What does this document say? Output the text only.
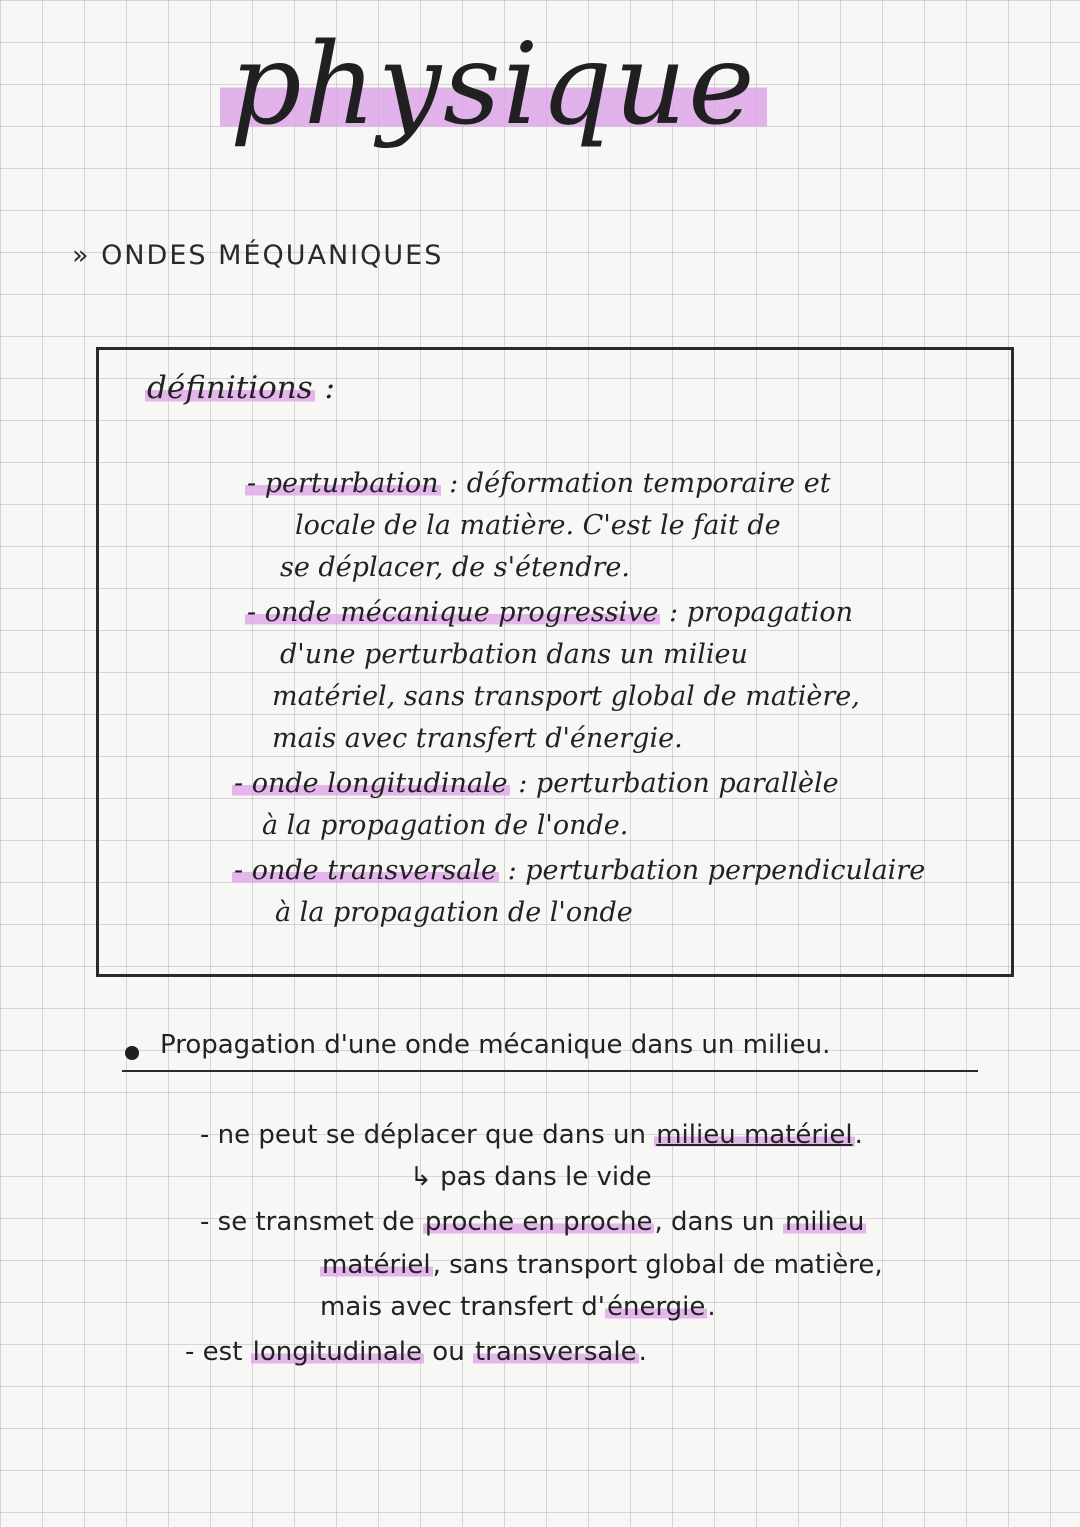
physique
» ONDES MÉQUANIQUES
définitions :
- perturbation : déformation temporaire et
locale de la matière. C'est le fait de
se déplacer, de s'étendre.
- onde mécanique progressive : propagation
d'une perturbation dans un milieu
matériel, sans transport global de matière,
mais avec transfert d'énergie.
- onde longitudinale : perturbation parallèle
à la propagation de l'onde.
- onde transversale : perturbation perpendiculaire
à la propagation de l'onde
Propagation d'une onde mécanique dans un milieu.
- ne peut se déplacer que dans un milieu matériel.
↳ pas dans le vide
- se transmet de proche en proche, dans un milieu
matériel, sans transport global de matière,
mais avec transfert d'énergie.
- est longitudinale ou transversale.
